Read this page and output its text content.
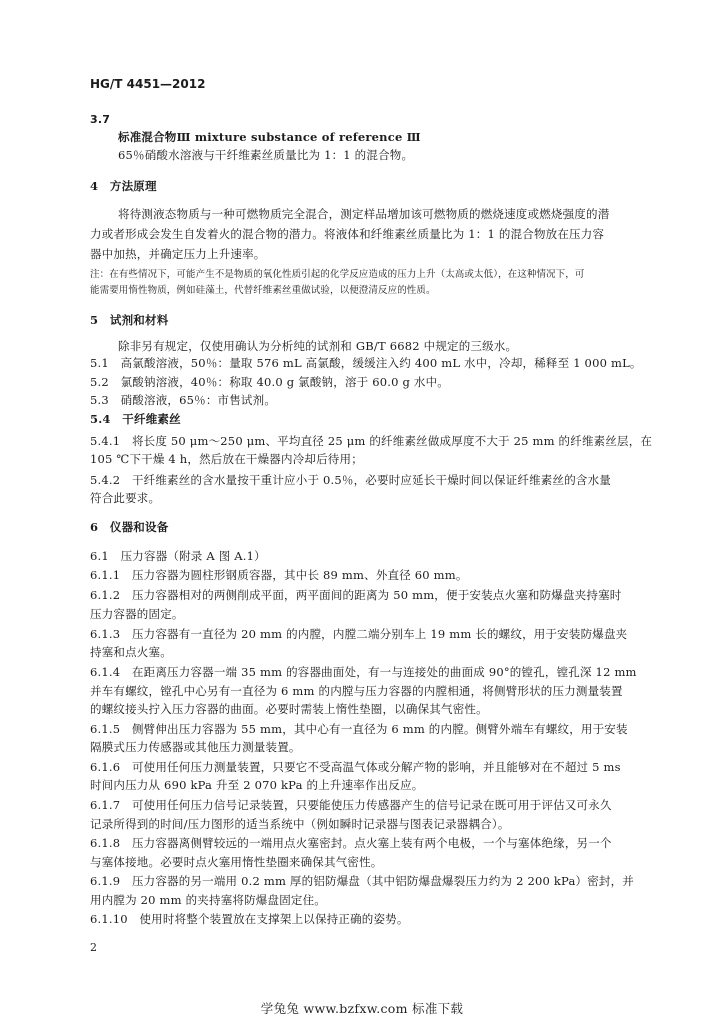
HG/T 4451—2012
3.7
标准混合物Ⅲ mixture substance of reference Ⅲ
65％硝酸水溶液与干纤维素丝质量比为 1：1 的混合物。
4　方法原理
将待测液态物质与一种可燃物质完全混合，测定样品增加该可燃物质的燃烧速度或燃烧强度的潜
力或者形成会发生自发着火的混合物的潜力。将液体和纤维素丝质量比为 1：1 的混合物放在压力容
器中加热，并确定压力上升速率。
注：在有些情况下，可能产生不是物质的氧化性质引起的化学反应造成的压力上升（太高或太低），在这种情况下，可
能需要用惰性物质，例如硅藻土，代替纤维素丝重做试验，以便澄清反应的性质。
5　试剂和材料
除非另有规定，仅使用确认为分析纯的试剂和 GB/T 6682 中规定的三级水。
5.1　高氯酸溶液，50％：量取 576 mL 高氯酸，缓缓注入约 400 mL 水中，冷却，稀释至 1 000 mL。
5.2　氯酸钠溶液，40％：称取 40.0 g 氯酸钠，溶于 60.0 g 水中。
5.3　硝酸溶液，65％：市售试剂。
5.4　干纤维素丝
5.4.1　将长度 50 μm～250 μm、平均直径 25 μm 的纤维素丝做成厚度不大于 25 mm 的纤维素丝层，在
105 ℃下干燥 4 h，然后放在干燥器内冷却后待用；
5.4.2　干纤维素丝的含水量按干重计应小于 0.5％，必要时应延长干燥时间以保证纤维素丝的含水量
符合此要求。
6　仪器和设备
6.1　压力容器（附录 A 图 A.1）
6.1.1　压力容器为圆柱形钢质容器，其中长 89 mm、外直径 60 mm。
6.1.2　压力容器相对的两侧削成平面，两平面间的距离为 50 mm，便于安装点火塞和防爆盘夹持塞时
压力容器的固定。
6.1.3　压力容器有一直径为 20 mm 的内膛，内膛二端分别车上 19 mm 长的螺纹，用于安装防爆盘夹
持塞和点火塞。
6.1.4　在距离压力容器一端 35 mm 的容器曲面处，有一与连接处的曲面成 90°的镗孔，镗孔深 12 mm
并车有螺纹，镗孔中心另有一直径为 6 mm 的内膛与压力容器的内膛相通，将侧臂形状的压力测量装置
的螺纹接头拧入压力容器的曲面。必要时需装上惰性垫圈，以确保其气密性。
6.1.5　侧臂伸出压力容器为 55 mm，其中心有一直径为 6 mm 的内膛。侧臂外端车有螺纹，用于安装
隔膜式压力传感器或其他压力测量装置。
6.1.6　可使用任何压力测量装置，只要它不受高温气体或分解产物的影响，并且能够对在不超过 5 ms
时间内压力从 690 kPa 升至 2 070 kPa 的上升速率作出反应。
6.1.7　可使用任何压力信号记录装置，只要能使压力传感器产生的信号记录在既可用于评估又可永久
记录所得到的时间/压力图形的适当系统中（例如瞬时记录器与图表记录器耦合）。
6.1.8　压力容器离侧臂较远的一端用点火塞密封。点火塞上装有两个电极，一个与塞体绝缘，另一个
与塞体接地。必要时点火塞用惰性垫圈来确保其气密性。
6.1.9　压力容器的另一端用 0.2 mm 厚的铝防爆盘（其中铝防爆盘爆裂压力约为 2 200 kPa）密封，并
用内膛为 20 mm 的夹持塞将防爆盘固定住。
6.1.10　使用时将整个装置放在支撑架上以保持正确的姿势。
2
学兔兔 www.bzfxw.com 标准下载
